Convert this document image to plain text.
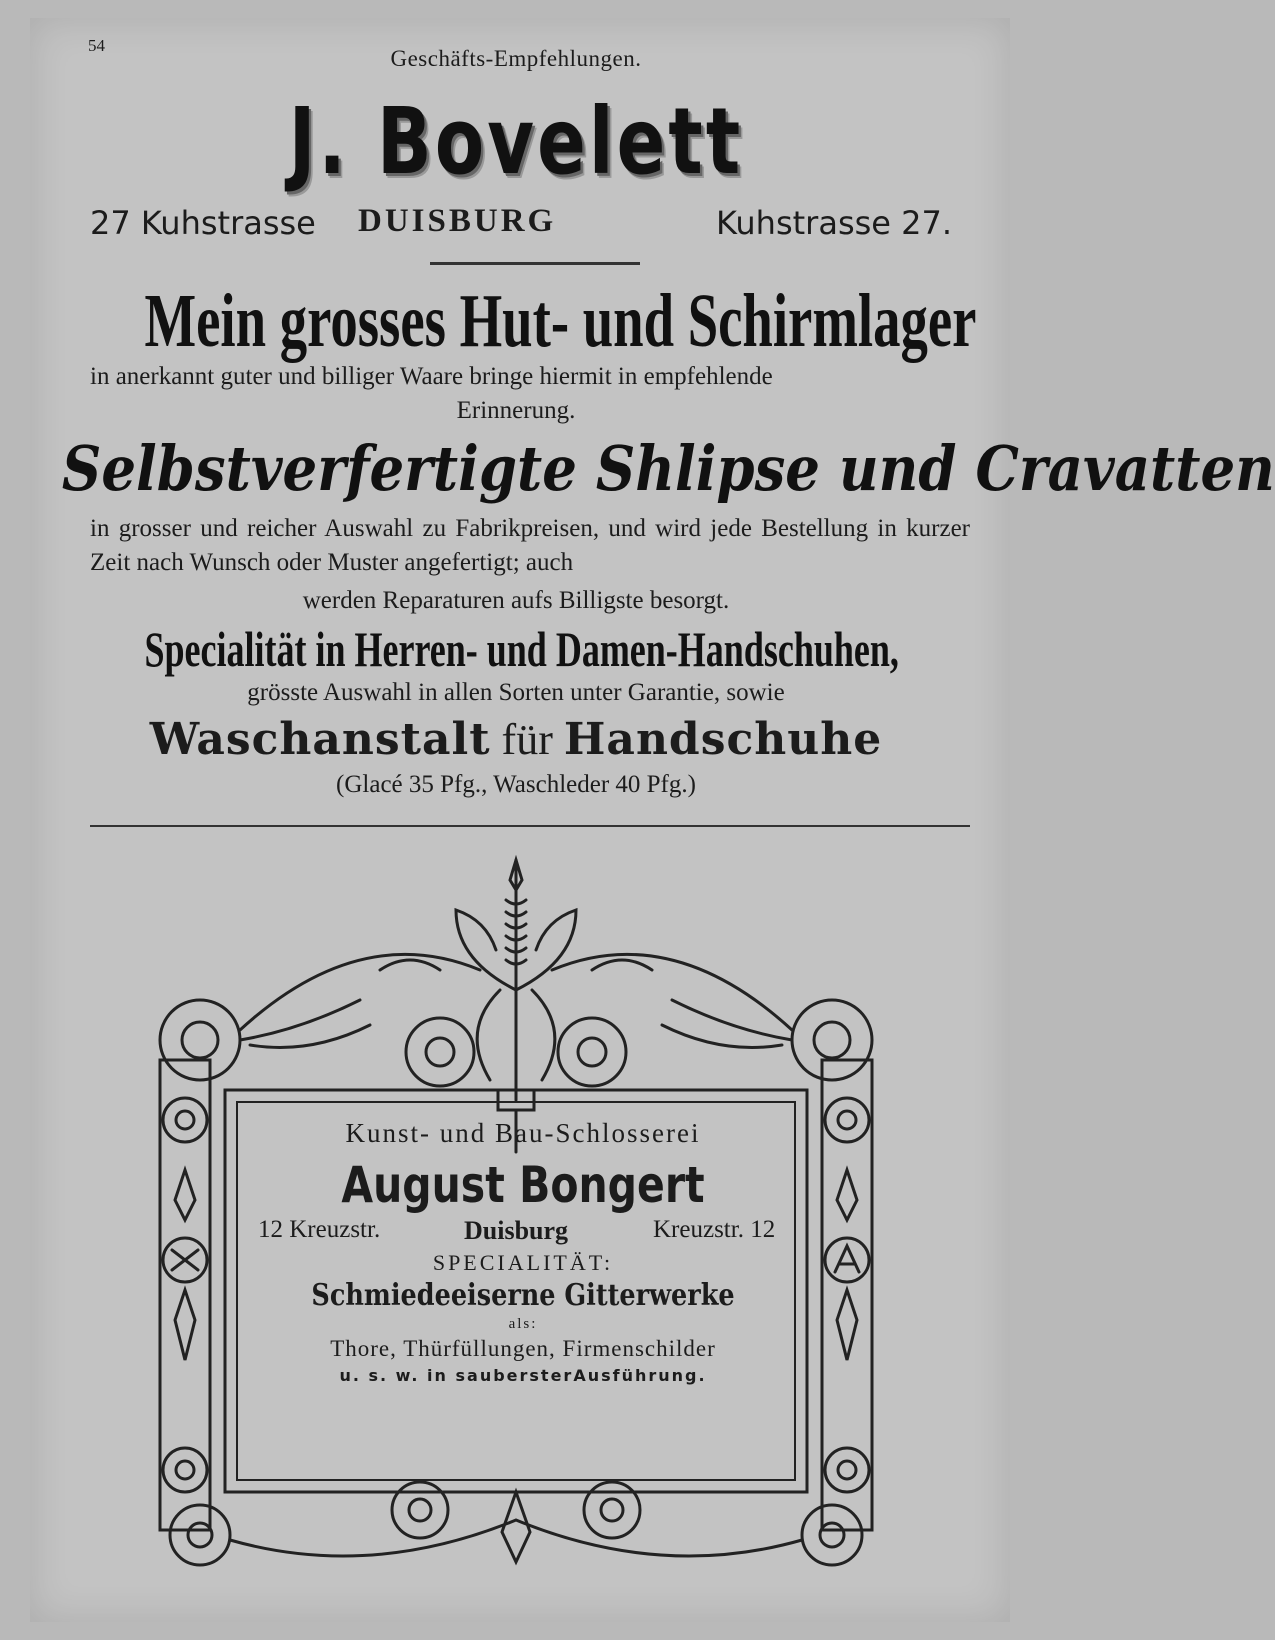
54
Geschäfts-Empfehlungen.
J. Bovelett
27 Kuhstrasse DUISBURG	Kuhstrasse 27.
Mein grosses Hut- und Schirmlager
in anerkannt guter und billiger Waare bringe hiermit in empfehlende
Erinnerung.
Selbstverfertigte Shlipse und Cravatten
in grosser und reicher Auswahl zu Fabrikpreisen, und wird jede Bestellung in kurzer Zeit nach Wunsch oder Muster angefertigt; auch
werden Reparaturen aufs Billigste besorgt.
Specialität in Herren- und Damen-Handschuhen,
grösste Auswahl in allen Sorten unter Garantie, sowie
Waschanstalt für Handschuhe
(Glacé 35 Pfg., Waschleder 40 Pfg.)
Kunst- und Bau-Schlosserei
August Bongert
12 Kreuzstr.	Duisburg	Kreuzstr. 12
SPECIALITÄT:
Schmiedeeiserne Gitterwerke
als:
Thore, Thürfüllungen, Firmenschilder
u. s. w. in saubersterAusführung.
